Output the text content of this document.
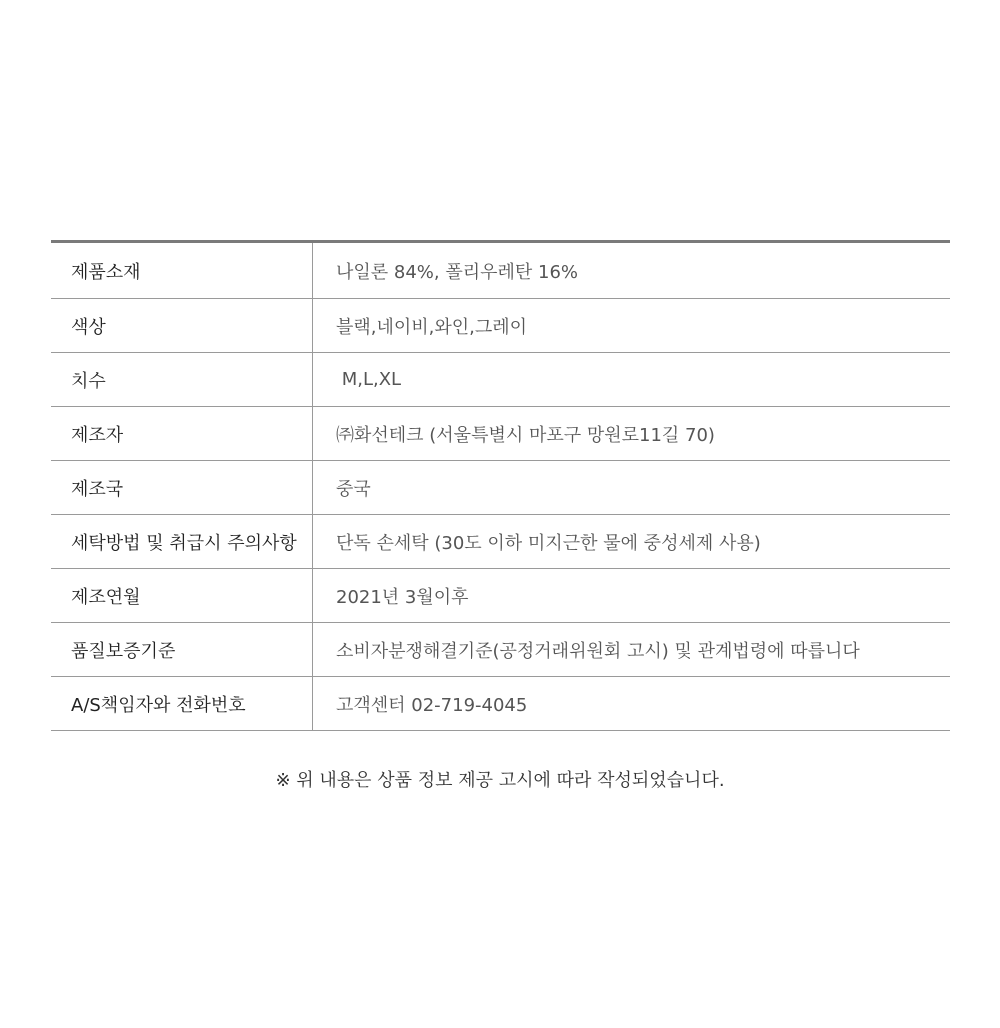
제품소재	나일론 84%, 폴리우레탄 16%
색상	블랙,네이비,와인,그레이
치수	M,L,XL
제조자	㈜화선테크 (서울특별시 마포구 망원로11길 70)
제조국	중국
세탁방법 및 취급시 주의사항	단독 손세탁 (30도 이하 미지근한 물에 중성세제 사용)
제조연월	2021년 3월이후
품질보증기준	소비자분쟁해결기준(공정거래위원회 고시) 및 관계법령에 따릅니다
A/S책임자와 전화번호	고객센터 02-719-4045
※ 위 내용은 상품 정보 제공 고시에 따라 작성되었습니다.
